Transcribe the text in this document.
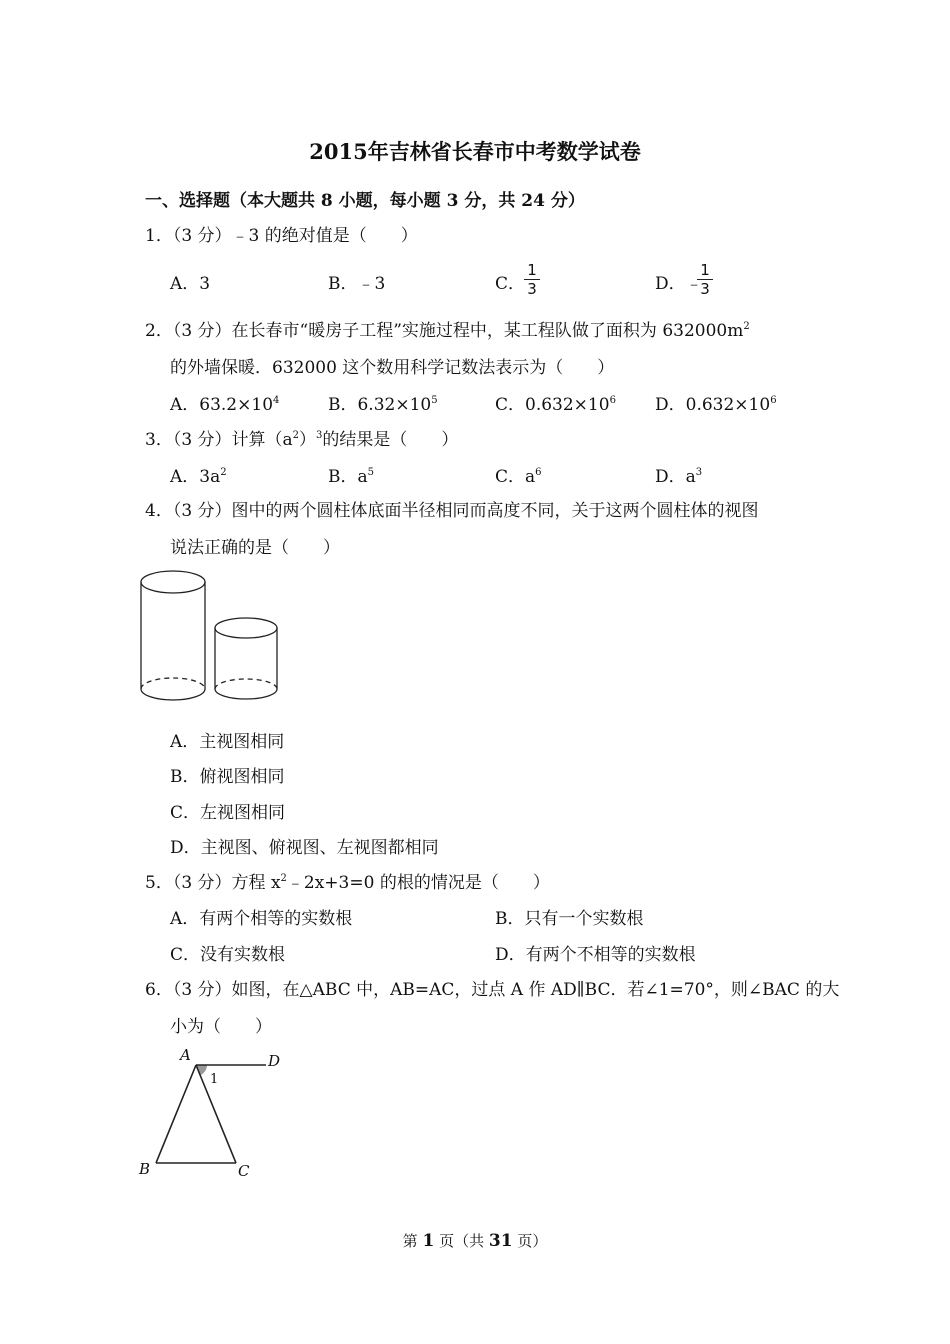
2015年吉林省长春市中考数学试卷
一、选择题（本大题共 8 小题，每小题 3 分，共 24 分）
1．（3 分）﹣3 的绝对值是（　　）
A．3	B．﹣3	C．
1
3	D．﹣
1
3
2．（3 分）在长春市“暖房子工程”实施过程中，某工程队做了面积为 $632000m^2$
的外墙保暖．632000 这个数用科学记数法表示为（　　）
A．$63.2\times 10^4$	B．$6.32\times 10^5$	C．$0.632\times 10^6$ D．$0.632\times 10^6$
3．（3 分）计算$(a^2)^3$的结果是（　　）
A．$3a^2$	B．$a^5$	C．$a^6$	D．$a^3$
4．（3 分）图中的两个圆柱体底面半径相同而高度不同，关于这两个圆柱体的视图
说法正确的是（　　）
A．主视图相同
B．俯视图相同
C．左视图相同
D．主视图、俯视图、左视图都相同
5．（3 分）方程 $x^2﹣2x+3=0$ 的根的情况是（　　）
A．有两个相等的实数根	B．只有一个实数根
C．没有实数根	D．有两个不相等的实数根
6．（3 分）如图，在△ABC 中，AB=AC，过点 A 作 AD∥BC．若∠1=70°，则∠BAC 的大
小为（　　）
A
B	C
D
1
第 1 页（共 31 页）
